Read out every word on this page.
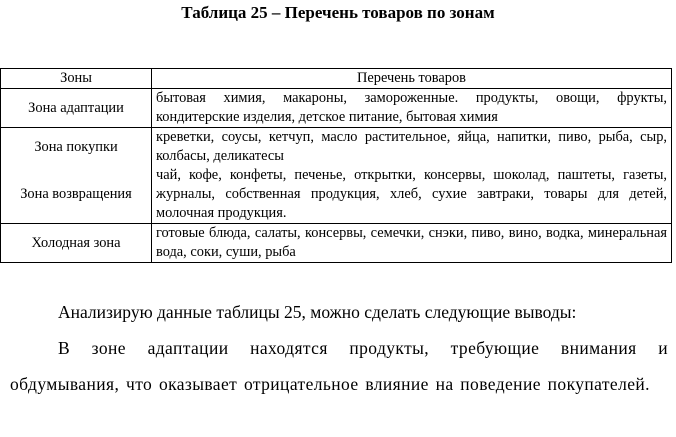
Таблица 25 – Перечень товаров по зонам
Зоны	Перечень товаров
Зона адаптации	бытовая химия, макароны, замороженные. продукты, овощи, фрукты, кондитерские изделия, детское питание, бытовая химия
Зона покупки	креветки, соусы, кетчуп, масло растительное, яйца, напитки, пиво, рыба, сыр, колбасы, деликатесы
Зона возвращения	чай, кофе, конфеты, печенье, открытки, консервы, шоколад, паштеты, газеты, журналы, собственная продукция, хлеб, сухие завтраки, товары для детей, молочная продукция.
Холодная зона	готовые блюда, салаты, консервы, семечки, снэки, пиво, вино, водка, минеральная вода, соки, суши, рыба
Анализирую данные таблицы 25, можно сделать следующие выводы:
В зоне адаптации находятся продукты, требующие внимания и обдумывания, что оказывает отрицательное влияние на поведение покупателей.
